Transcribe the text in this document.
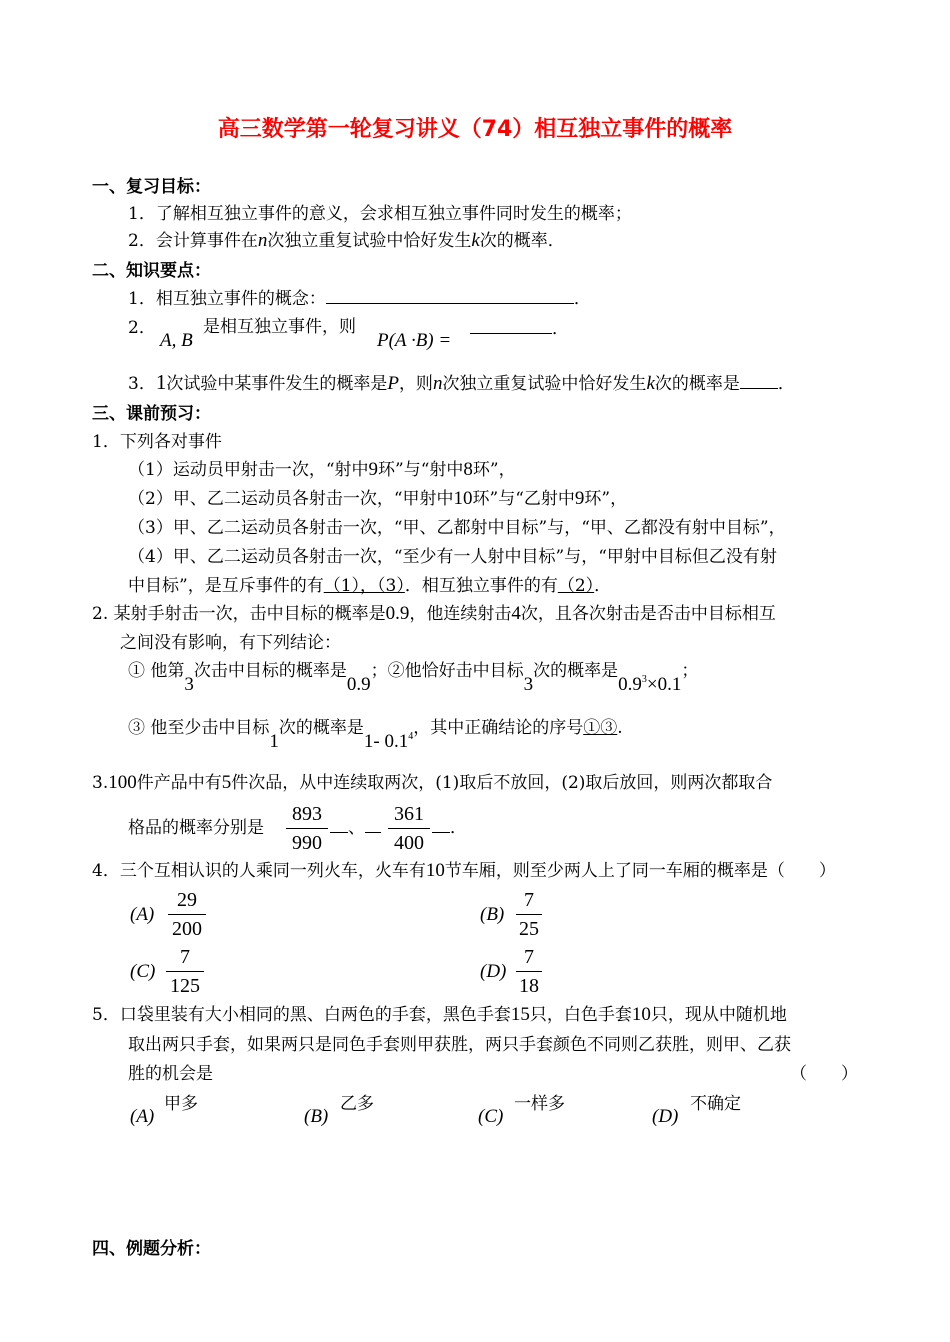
高三数学第一轮复习讲义（74）相互独立事件的概率
一、复习目标：
1．了解相互独立事件的意义，会求相互独立事件同时发生的概率；
2．会计算事件在n次独立重复试验中恰好发生k次的概率．
二、知识要点：
1．相互独立事件的概念：	．
2．
A, B
是相互独立事件，则
P(A ·B) =
．
3．1次试验中某事件发生的概率是P，则n次独立重复试验中恰好发生k次的概率是 ．
三、课前预习：
1．下列各对事件
（1）运动员甲射击一次，“射中9环”与“射中8环”，
（2）甲、乙二运动员各射击一次，“甲射中10环”与“乙射中9环”，
（3）甲、乙二运动员各射击一次，“甲、乙都射中目标”与，“甲、乙都没有射中目标”，
（4）甲、乙二运动员各射击一次，“至少有一人射中目标”与，“甲射中目标但乙没有射
中目标”，是互斥事件的有（1），（3）．相互独立事件的有（2）．
2. 某射手射击一次，击中目标的概率是0.9，他连续射击4次，且各次射击是否击中目标相互
之间没有影响，有下列结论：
① 他第3次击中目标的概率是0.9；②他恰好击中目标3次的概率是$0.9^3\times 0.1$；
③ 他至少击中目标1次的概率是1- $0.1^4$，其中正确结论的序号①③.
3.100件产品中有5件次品，从中连续取两次，(1)取后不放回，(2)取后放回，则两次都取合
格品的概率分别是
893
990
、
361
400
．
4．三个互相认识的人乘同一列火车，火车有10节车厢，则至少两人上了同一车厢的概率是（　　）
(A)
29
200
(B)
7
25
(C)
7
125
(D)
7
18
5．口袋里装有大小相同的黑、白两色的手套，黑色手套15只，白色手套10只，现从中随机地
取出两只手套，如果两只是同色手套则甲获胜，两只手套颜色不同则乙获胜，则甲、乙获
胜的机会是	（　　）
(A)
甲多
(B)
乙多
(C)
一样多
(D)
不确定
四、例题分析：
